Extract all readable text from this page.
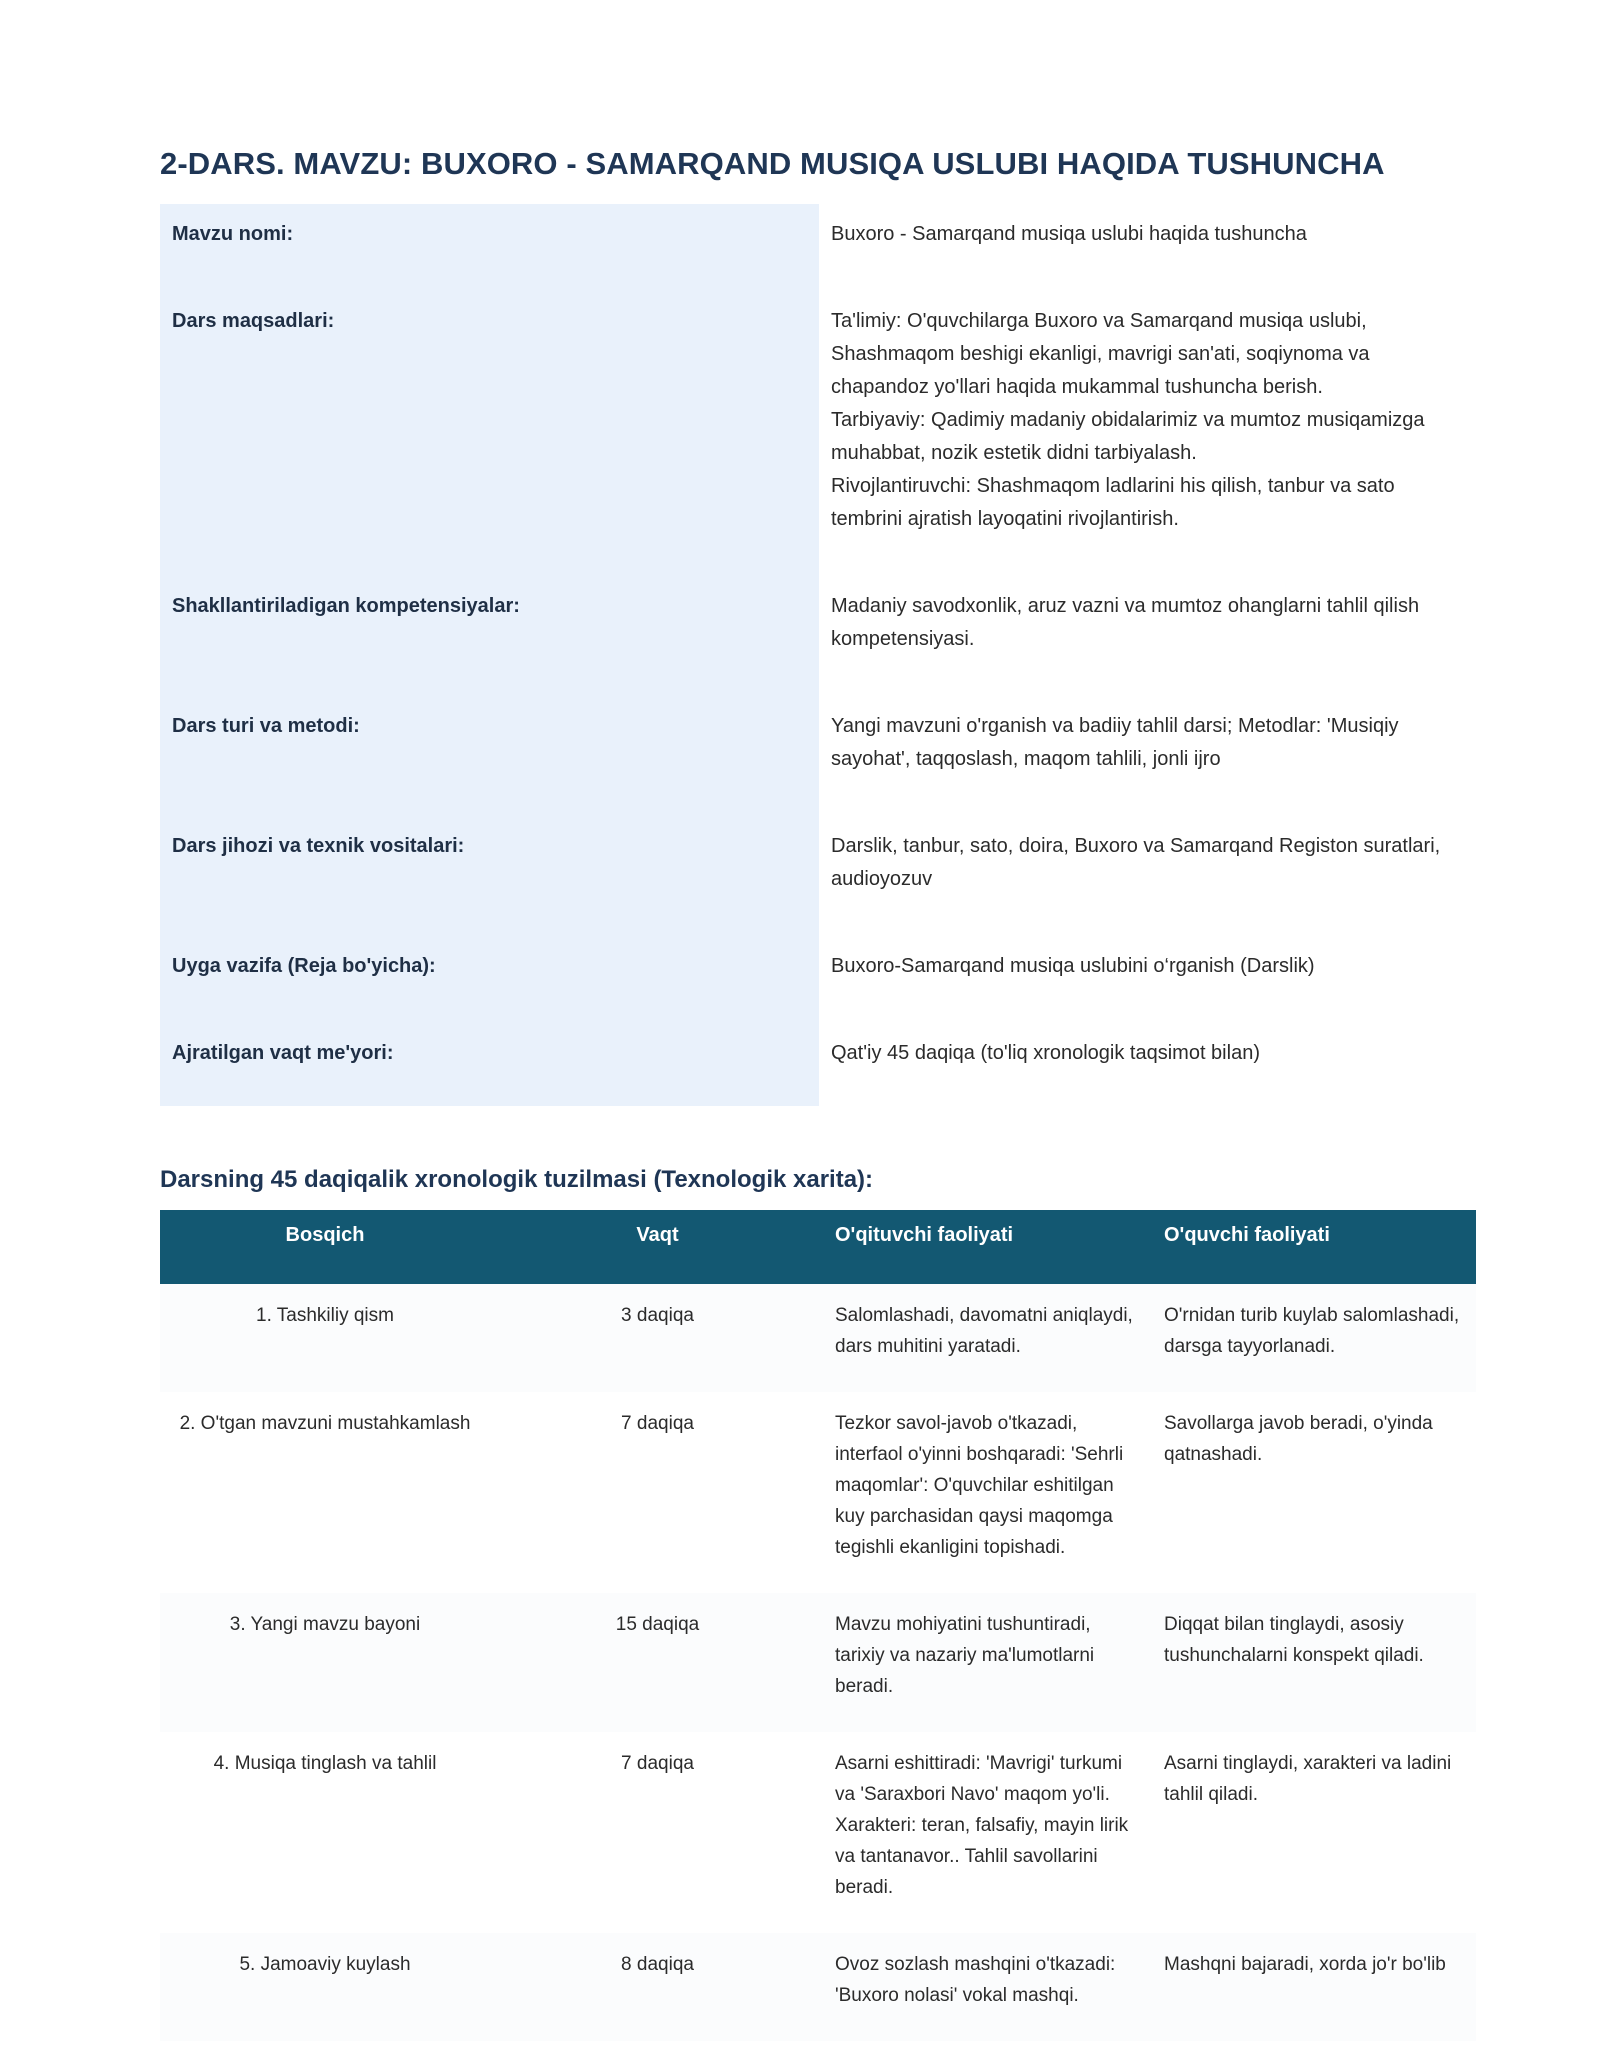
2-DARS. MAVZU: BUXORO - SAMARQAND MUSIQA USLUBI HAQIDA TUSHUNCHA
Mavzu nomi:	Buxoro - Samarqand musiqa uslubi haqida tushuncha

Dars maqsadlari:	Ta'limiy: O'quvchilarga Buxoro va Samarqand musiqa uslubi, Shashmaqom beshigi ekanligi, mavrigi san'ati, soqiynoma va chapandoz yo'llari haqida mukammal tushuncha berish.
Tarbiyaviy: Qadimiy madaniy obidalarimiz va mumtoz musiqamizga muhabbat, nozik estetik didni tarbiyalash.
Rivojlantiruvchi: Shashmaqom ladlarini his qilish, tanbur va sato tembrini ajratish layoqatini rivojlantirish.

Shakllantiriladigan kompetensiyalar:	Madaniy savodxonlik, aruz vazni va mumtoz ohanglarni tahlil qilish kompetensiyasi.

Dars turi va metodi:	Yangi mavzuni o'rganish va badiiy tahlil darsi; Metodlar: 'Musiqiy sayohat', taqqoslash, maqom tahlili, jonli ijro

Dars jihozi va texnik vositalari:	Darslik, tanbur, sato, doira, Buxoro va Samarqand Registon suratlari, audioyozuv

Uyga vazifa (Reja bo'yicha):	Buxoro-Samarqand musiqa uslubini o‘rganish (Darslik)

Ajratilgan vaqt me'yori:	Qat'iy 45 daqiqa (to'liq xronologik taqsimot bilan)
Darsning 45 daqiqalik xronologik tuzilmasi (Texnologik xarita):
Bosqich	Vaqt	O'qituvchi faoliyati	O'quvchi faoliyati
1. Tashkiliy qism	3 daqiqa	Salomlashadi, davomatni aniqlaydi, dars muhitini yaratadi.	O'rnidan turib kuylab salomlashadi, darsga tayyorlanadi.
2. O'tgan mavzuni mustahkamlash	7 daqiqa	Tezkor savol-javob o'tkazadi, interfaol o'yinni boshqaradi: 'Sehrli maqomlar': O'quvchilar eshitilgan kuy parchasidan qaysi maqomga tegishli ekanligini topishadi.	Savollarga javob beradi, o'yinda qatnashadi.
3. Yangi mavzu bayoni	15 daqiqa	Mavzu mohiyatini tushuntiradi, tarixiy va nazariy ma'lumotlarni beradi.	Diqqat bilan tinglaydi, asosiy tushunchalarni konspekt qiladi.
4. Musiqa tinglash va tahlil	7 daqiqa	Asarni eshittiradi: 'Mavrigi' turkumi va 'Saraxbori Navo' maqom yo'li. Xarakteri: teran, falsafiy, mayin lirik va tantanavor.. Tahlil savollarini beradi.	Asarni tinglaydi, xarakteri va ladini tahlil qiladi.
5. Jamoaviy kuylash	8 daqiqa	Ovoz sozlash mashqini o'tkazadi: 'Buxoro nolasi' vokal mashqi.	Mashqni bajaradi, xorda jo'r bo'lib
